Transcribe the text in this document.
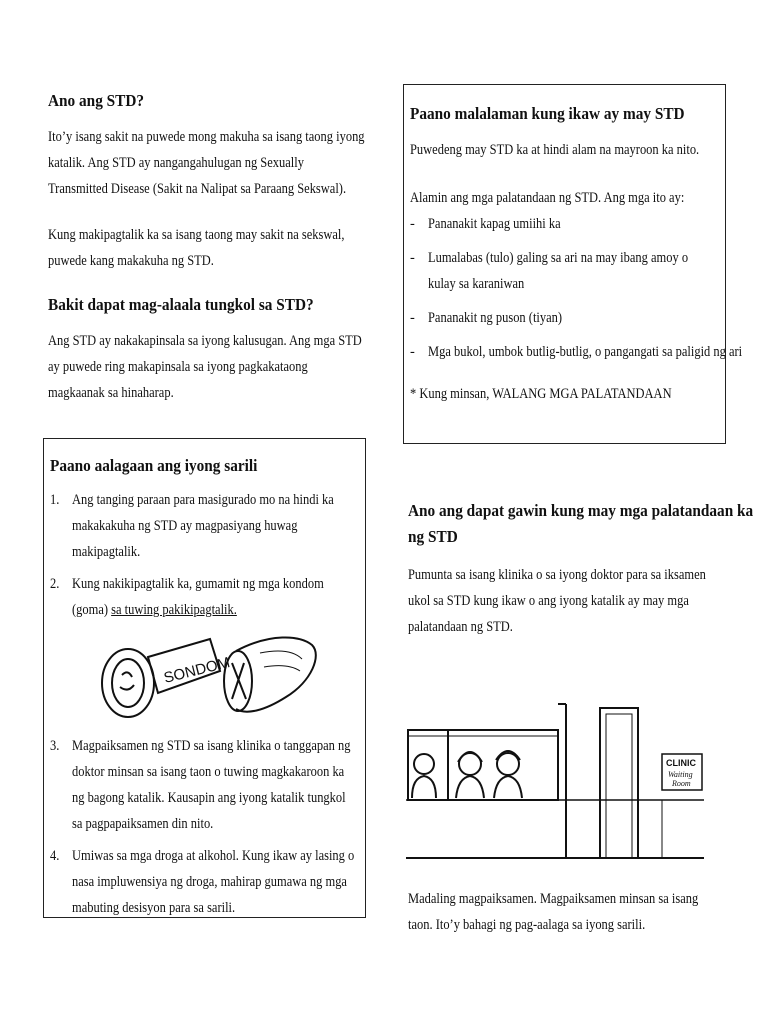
Ano ang STD?

Ito’y isang sakit na puwede mong makuha sa isang taong iyong katalik. Ang STD ay nangangahulugan ng Sexually Transmitted Disease (Sakit na Nalipat sa Paraang Sekswal).

Kung makipagtalik ka sa isang taong may sakit na sekswal, puwede kang makakuha ng STD.

Bakit dapat mag-alaala tungkol sa STD?

Ang STD ay nakakapinsala sa iyong kalusugan. Ang mga STD ay puwede ring makapinsala sa iyong pagkakataong magkaanak sa hinaharap.

Paano aalagaan ang iyong sarili
1. Ang tanging paraan para masigurado mo na hindi ka makakakuha ng STD ay magpasiyang huwag makipagtalik.

2. Kung nakikipagtalik ka, gumamit ng mga kondom (goma) sa tuwing pakikipagtalik.

SONDOM
3. Magpaiksamen ng STD sa isang klinika o tanggapan ng doktor minsan sa isang taon o tuwing magkakaroon ka ng bagong katalik. Kausapin ang iyong katalik tungkol sa pagpapaiksamen din nito.

4. Umiwas sa mga droga at alkohol. Kung ikaw ay lasing o nasa impluwensiya ng droga, mahirap gumawa ng mga mabuting desisyon para sa sarili.

Paano malalaman kung ikaw ay may STD

Puwedeng may STD ka at hindi alam na mayroon ka nito.

Alamin ang mga palatandaan ng STD. Ang mga ito ay:

- Pananakit kapag umiihi ka

- Lumalabas (tulo) galing sa ari na may ibang amoy o kulay sa karaniwan

- Pananakit ng puson (tiyan)

- Mga bukol, umbok butlig-butlig, o pangangati sa paligid ng ari

* Kung minsan, WALANG MGA PALATANDAAN

Ano ang dapat gawin kung may mga palatandaan ka
ng STD

Pumunta sa isang klinika o sa iyong doktor para sa iksamen ukol sa STD kung ikaw o ang iyong katalik ay may mga palatandaan ng STD.

CLINIC
Waiting
Room

Madaling magpaiksamen. Magpaiksamen minsan sa isang taon. Ito’y bahagi ng pag-aalaga sa iyong sarili.
